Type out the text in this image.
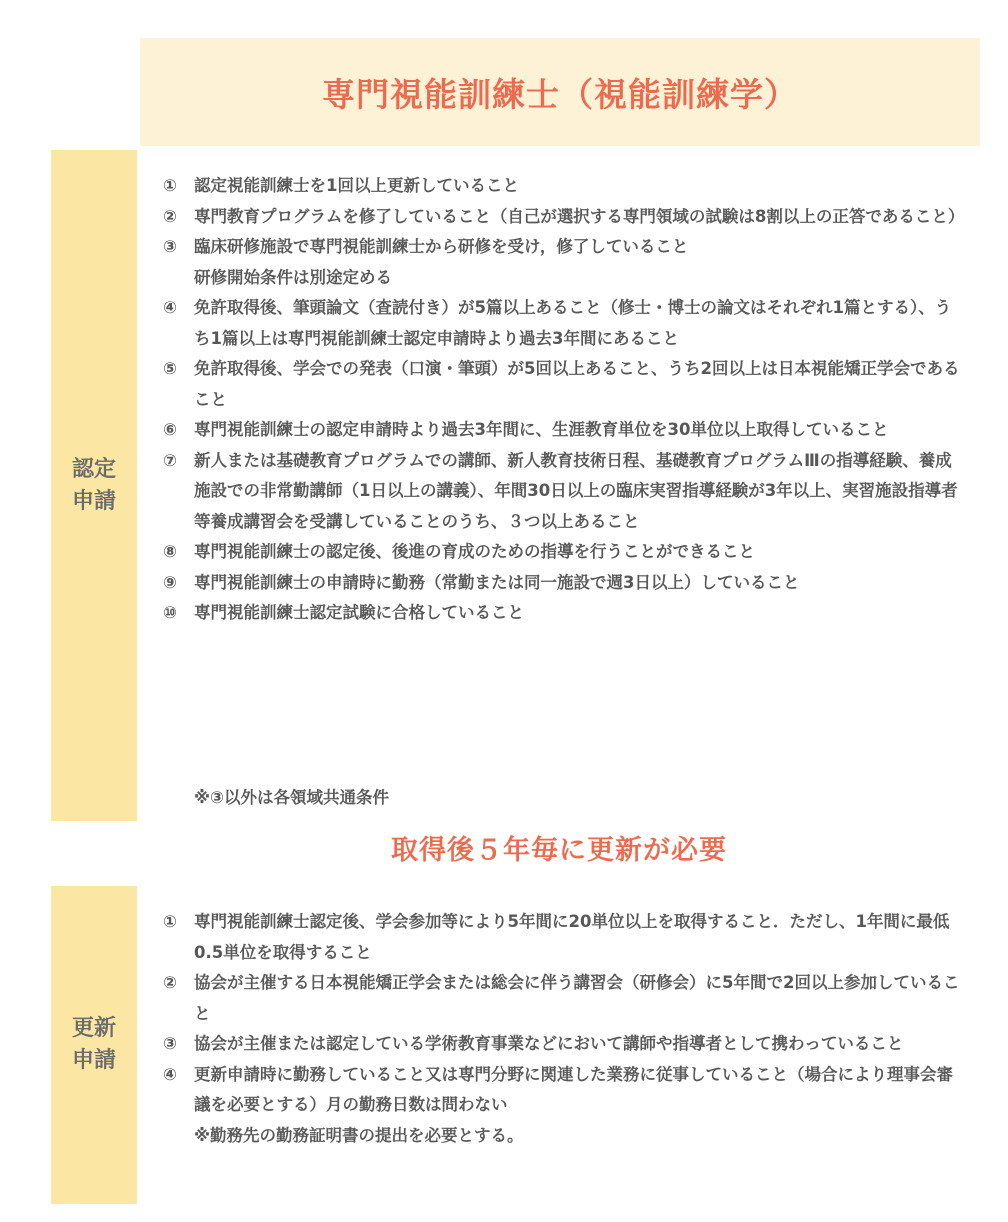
専門視能訓練士（視能訓練学）
認定申請
①	認定視能訓練士を1回以上更新していること
②	専門教育プログラムを修了していること（自己が選択する専門領域の試験は8割以上の正答であること）
③	臨床研修施設で専門視能訓練士から研修を受け，修了していること
研修開始条件は別途定める
④	免許取得後、筆頭論文（査読付き）が5篇以上あること（修士・博士の論文はそれぞれ1篇とする）、うち1篇以上は専門視能訓練士認定申請時より過去3年間にあること
⑤	免許取得後、学会での発表（口演・筆頭）が5回以上あること、うち2回以上は日本視能矯正学会であること
⑥	専門視能訓練士の認定申請時より過去3年間に、生涯教育単位を30単位以上取得していること
⑦	新人または基礎教育プログラムでの講師、新人教育技術日程、基礎教育プログラムⅢの指導経験、養成施設での非常勤講師（1日以上の講義）、年間30日以上の臨床実習指導経験が3年以上、実習施設指導者等養成講習会を受講していることのうち、３つ以上あること
⑧	専門視能訓練士の認定後、後進の育成のための指導を行うことができること
⑨	専門視能訓練士の申請時に勤務（常勤または同一施設で週3日以上）していること
⑩	専門視能訓練士認定試験に合格していること
※③以外は各領域共通条件
取得後５年毎に更新が必要
更新申請
①	専門視能訓練士認定後、学会参加等により5年間に20単位以上を取得すること．ただし、1年間に最低0.5単位を取得すること
②	協会が主催する日本視能矯正学会または総会に伴う講習会（研修会）に5年間で2回以上参加していること
③	協会が主催または認定している学術教育事業などにおいて講師や指導者として携わっていること
④	更新申請時に勤務していること又は専門分野に関連した業務に従事していること（場合により理事会審議を必要とする）月の勤務日数は問わない
※勤務先の勤務証明書の提出を必要とする。
